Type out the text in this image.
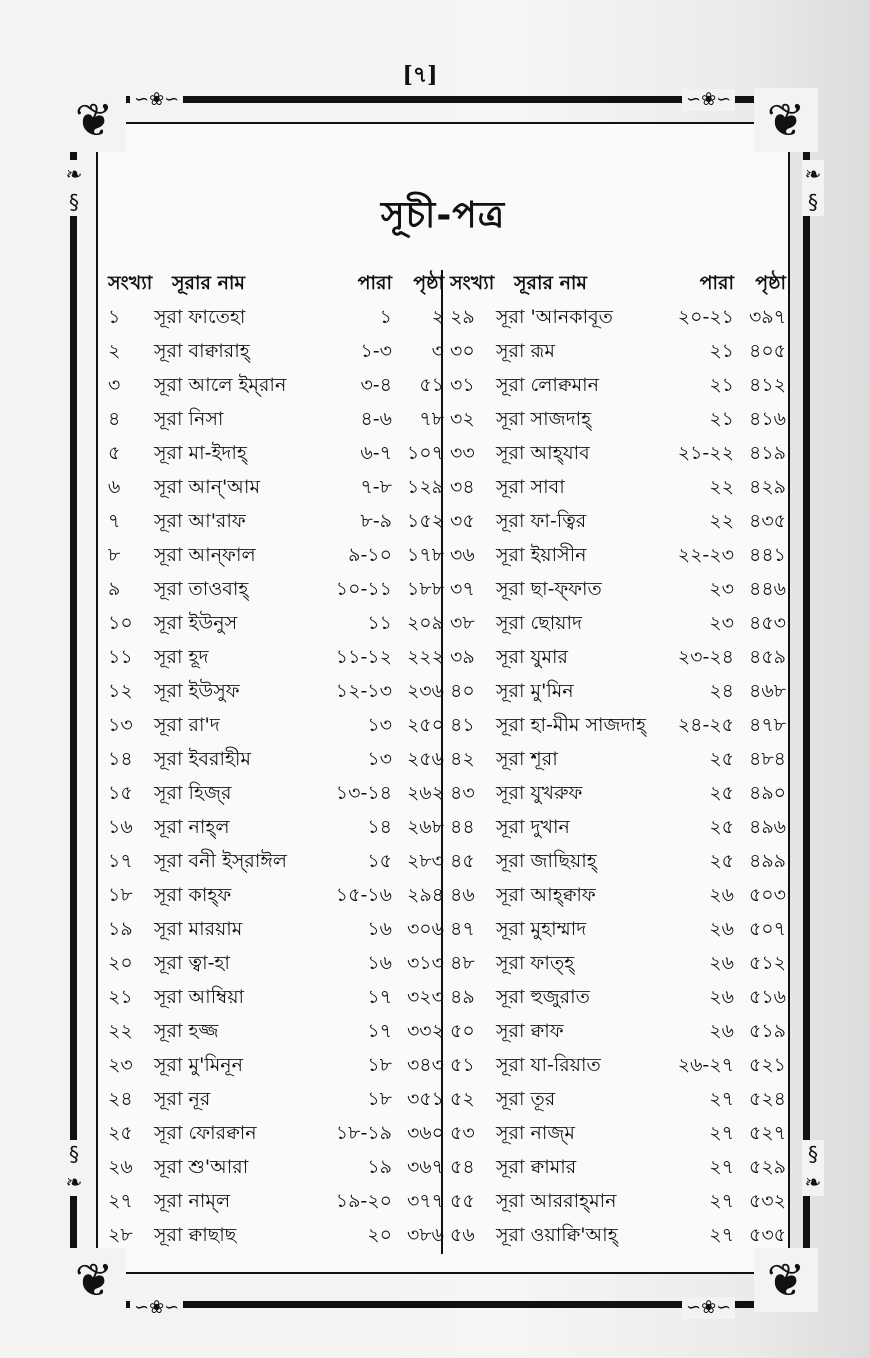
[৭]
❦	❦
❦	❦
∽❀∽	∽❀∽
∽❀∽	∽❀∽
❧
§
❧
§
§
❧
§
❧
সূচী-পত্র
সংখ্যা	সূরার নাম	পারা	পৃষ্ঠা
১	সূরা ফাতেহা	১	২
২	সূরা বাক্বারাহ্	১-৩	৩
৩	সূরা আলে ইম্‌রান	৩-৪	৫১
৪	সূরা নিসা	৪-৬	৭৮
৫	সূরা মা-ইদাহ্	৬-৭ ১০৭
৬	সূরা আন্'আম	৭-৮ ১২৯
৭	সূরা আ'রাফ	৮-৯ ১৫২
৮	সূরা আন্‌ফাল	৯-১০ ১৭৮
৯	সূরা তাওবাহ্	১০-১১ ১৮৮
১০	সূরা ইউনুস	১১ ২০৯
১১	সূরা হূদ	১১-১২ ২২২
১২	সূরা ইউসুফ	১২-১৩ ২৩৬
১৩	সূরা রা'দ	১৩ ২৫০
১৪	সূরা ইবরাহীম	১৩ ২৫৬
১৫	সূরা হিজ্‌র	১৩-১৪ ২৬২
১৬	সূরা নাহ্‌ল	১৪ ২৬৮
১৭	সূরা বনী ইস্‌রাঈল	১৫ ২৮৩
১৮	সূরা কাহ্‌ফ	১৫-১৬ ২৯৪
১৯	সূরা মারয়াম	১৬ ৩০৬
২০	সূরা ত্বা-হা	১৬ ৩১৩
২১	সূরা আম্বিয়া	১৭ ৩২৩
২২	সূরা হজ্জ	১৭ ৩৩২
২৩	সূরা মু'মিনূন	১৮ ৩৪৩
২৪	সূরা নূর	১৮ ৩৫১
২৫	সূরা ফোরক্বান	১৮-১৯ ৩৬০
২৬	সূরা শু'আরা	১৯ ৩৬৭
২৭	সূরা নাম্‌ল	১৯-২০ ৩৭৭
২৮	সূরা ক্বাছাছ	২০ ৩৮৬
সংখ্যা	সূরার নাম	পারা	পৃষ্ঠা
২৯	সূরা 'আনকাবূত	২০-২১ ৩৯৭
৩০	সূরা রূম	২১ ৪০৫
৩১	সূরা লোক্বমান	২১ ৪১২
৩২	সূরা সাজদাহ্	২১ ৪১৬
৩৩	সূরা আহ্‌যাব	২১-২২ ৪১৯
৩৪	সূরা সাবা	২২ ৪২৯
৩৫	সূরা ফা-ত্বির	২২ ৪৩৫
৩৬	সূরা ইয়াসীন	২২-২৩ ৪৪১
৩৭	সূরা ছা-ফ্ফাত	২৩ ৪৪৬
৩৮	সূরা ছোয়াদ	২৩ ৪৫৩
৩৯	সূরা যুমার	২৩-২৪ ৪৫৯
৪০	সূরা মু'মিন	২৪ ৪৬৮
৪১	সূরা হা-মীম সাজদাহ্	২৪-২৫ ৪৭৮
৪২	সূরা শূরা	২৫ ৪৮৪
৪৩	সূরা যুখরুফ	২৫ ৪৯০
৪৪	সূরা দুখান	২৫ ৪৯৬
৪৫	সূরা জাছিয়াহ্	২৫ ৪৯৯
৪৬	সূরা আহ্‌ক্বাফ	২৬ ৫০৩
৪৭	সূরা মুহাম্মাদ	২৬ ৫০৭
৪৮	সূরা ফাত্হ্	২৬ ৫১২
৪৯	সূরা হুজুরাত	২৬ ৫১৬
৫০	সূরা ক্বাফ	২৬ ৫১৯
৫১	সূরা যা-রিয়াত	২৬-২৭ ৫২১
৫২	সূরা তূর	২৭ ৫২৪
৫৩	সূরা নাজ্‌ম	২৭ ৫২৭
৫৪	সূরা ক্বামার	২৭ ৫২৯
৫৫	সূরা আররাহ্‌মান	২৭ ৫৩২
৫৬	সূরা ওয়াক্বি'আহ্	২৭ ৫৩৫
